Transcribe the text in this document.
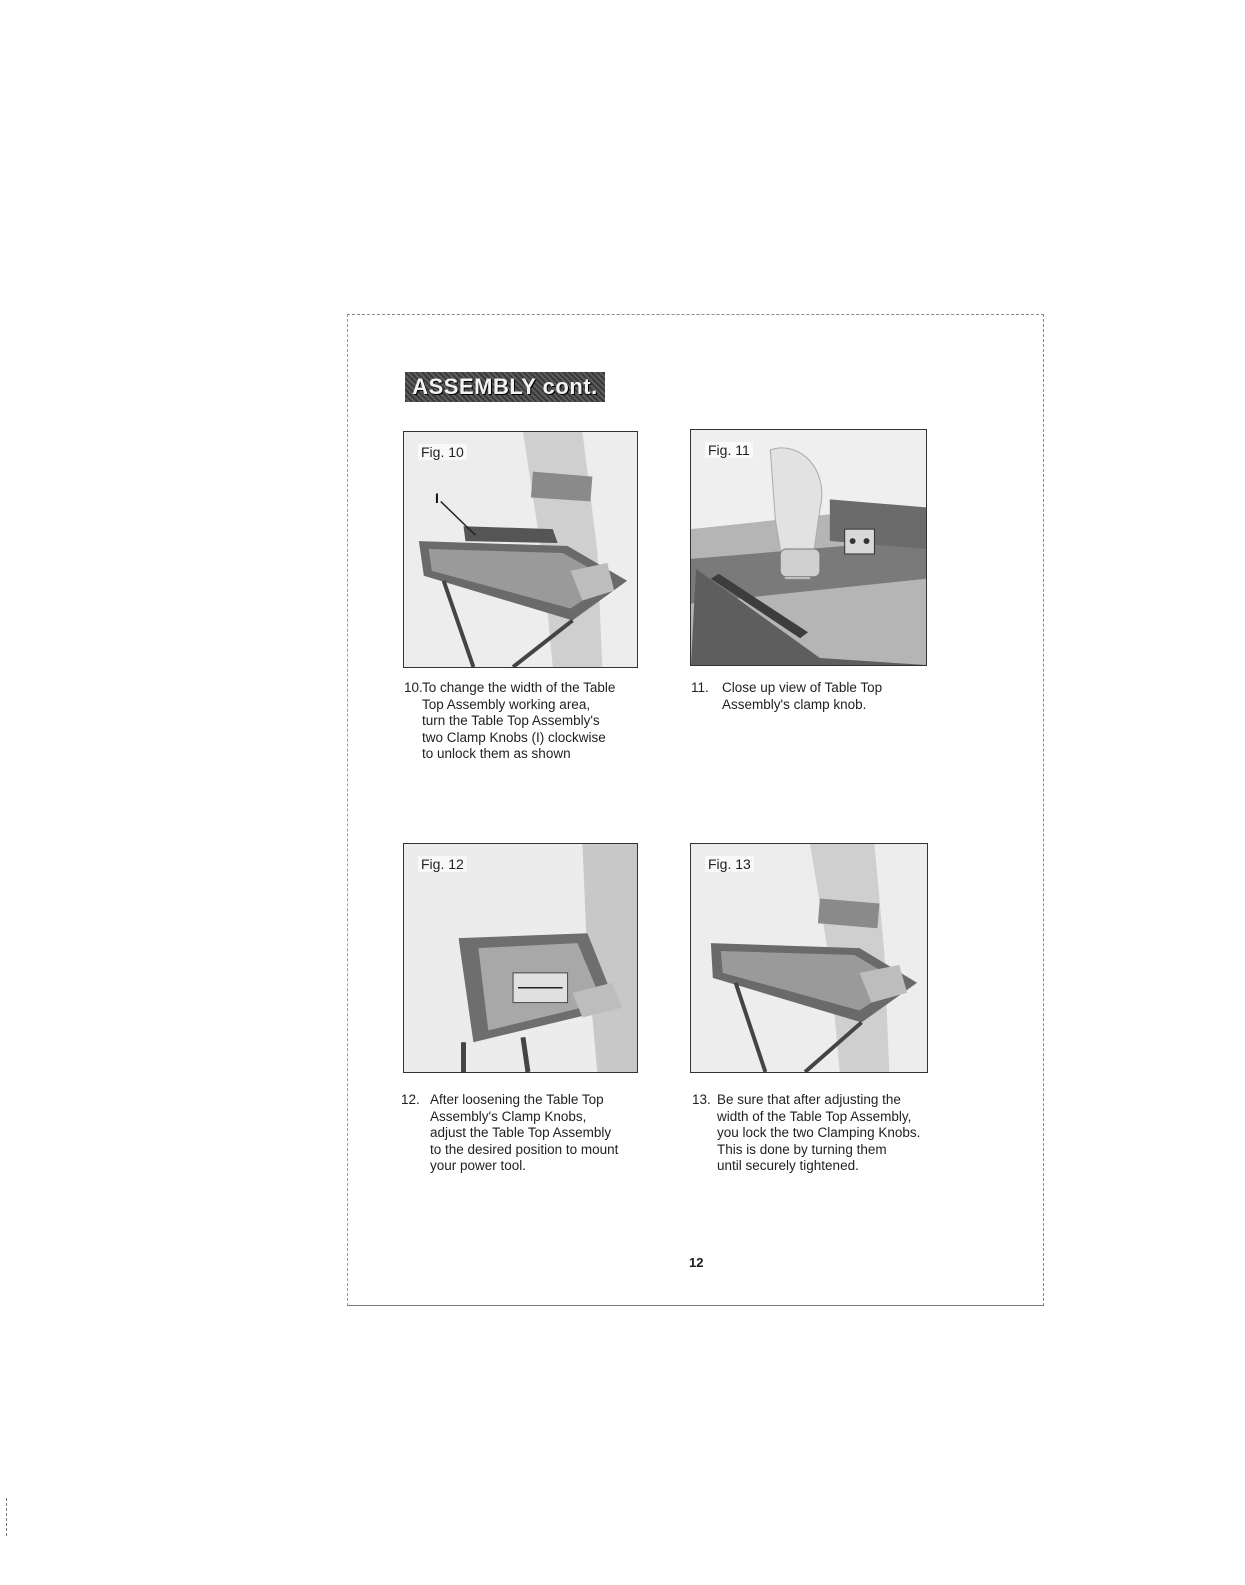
ASSEMBLY cont.
Fig. 10
I
Fig. 11
Fig. 12	Fig. 13
10. To change the width of the Table
Top Assembly working area,
turn the Table Top Assembly's
two Clamp Knobs (I) clockwise
to unlock them as shown
11. Close up view of Table Top
Assembly's clamp knob.
12. After loosening the Table Top
Assembly's Clamp Knobs,
adjust the Table Top Assembly
to the desired position to mount
your power tool.
13. Be sure that after adjusting the
width of the Table Top Assembly,
you lock the two Clamping Knobs.
This is done by turning them
until securely tightened.
12
